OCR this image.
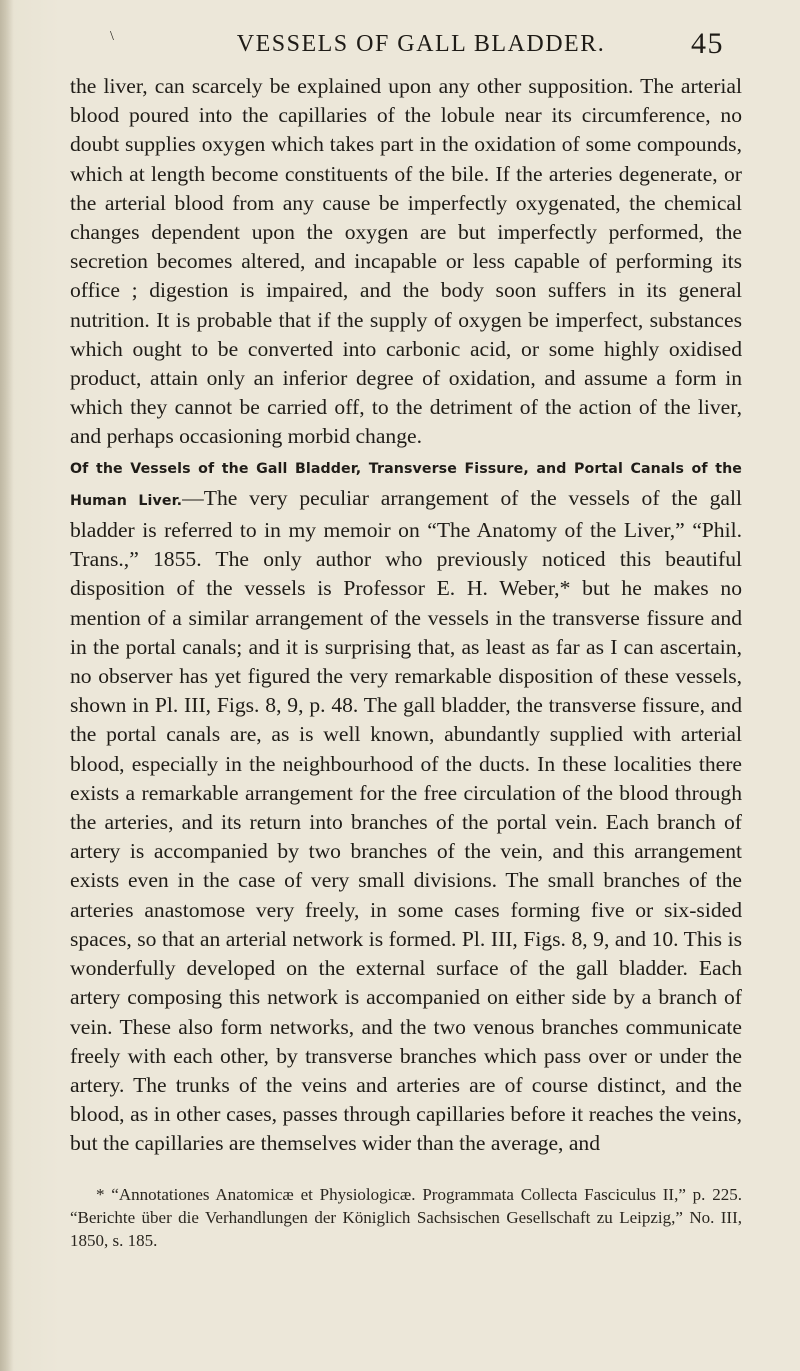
\	VESSELS OF GALL BLADDER.	45

the liver, can scarcely be explained upon any other supposition. The arterial blood poured into the capillaries of the lobule near its circumference, no doubt supplies oxygen which takes part in the oxidation of some compounds, which at length become constituents of the bile. If the arteries degenerate, or the arterial blood from any cause be imperfectly oxygenated, the chemical changes dependent upon the oxygen are but imperfectly performed, the secretion becomes altered, and incapable or less capable of performing its office ; digestion is impaired, and the body soon suffers in its general nutrition. It is probable that if the supply of oxygen be imperfect, substances which ought to be converted into carbonic acid, or some highly oxidised product, attain only an inferior degree of oxidation, and assume a form in which they cannot be carried off, to the detriment of the action of the liver, and perhaps occasioning morbid change.

Of the Vessels of the Gall Bladder, Transverse Fissure, and Portal Canals of the Human Liver.—The very peculiar arrangement of the vessels of the gall bladder is referred to in my memoir on “The Anatomy of the Liver,” “Phil. Trans.,” 1855. The only author who previously noticed this beautiful disposition of the vessels is Professor E. H. Weber,* but he makes no mention of a similar arrangement of the vessels in the transverse fissure and in the portal canals; and it is surprising that, as least as far as I can ascertain, no observer has yet figured the very remarkable disposition of these vessels, shown in Pl. III, Figs. 8, 9, p. 48. The gall bladder, the transverse fissure, and the portal canals are, as is well known, abundantly supplied with arterial blood, especially in the neighbourhood of the ducts. In these localities there exists a remarkable arrangement for the free circulation of the blood through the arteries, and its return into branches of the portal vein. Each branch of artery is accompanied by two branches of the vein, and this arrangement exists even in the case of very small divisions. The small branches of the arteries anastomose very freely, in some cases forming five or six-sided spaces, so that an arterial network is formed. Pl. III, Figs. 8, 9, and 10. This is wonderfully developed on the external surface of the gall bladder. Each artery composing this network is accompanied on either side by a branch of vein. These also form networks, and the two venous branches communicate freely with each other, by transverse branches which pass over or under the artery. The trunks of the veins and arteries are of course distinct, and the blood, as in other cases, passes through capillaries before it reaches the veins, but the capillaries are themselves wider than the average, and

* “Annotationes Anatomicæ et Physiologicæ. Programmata Collecta Fasciculus II,” p. 225. “Berichte über die Verhandlungen der Königlich Sachsischen Gesellschaft zu Leipzig,” No. III, 1850, s. 185.
